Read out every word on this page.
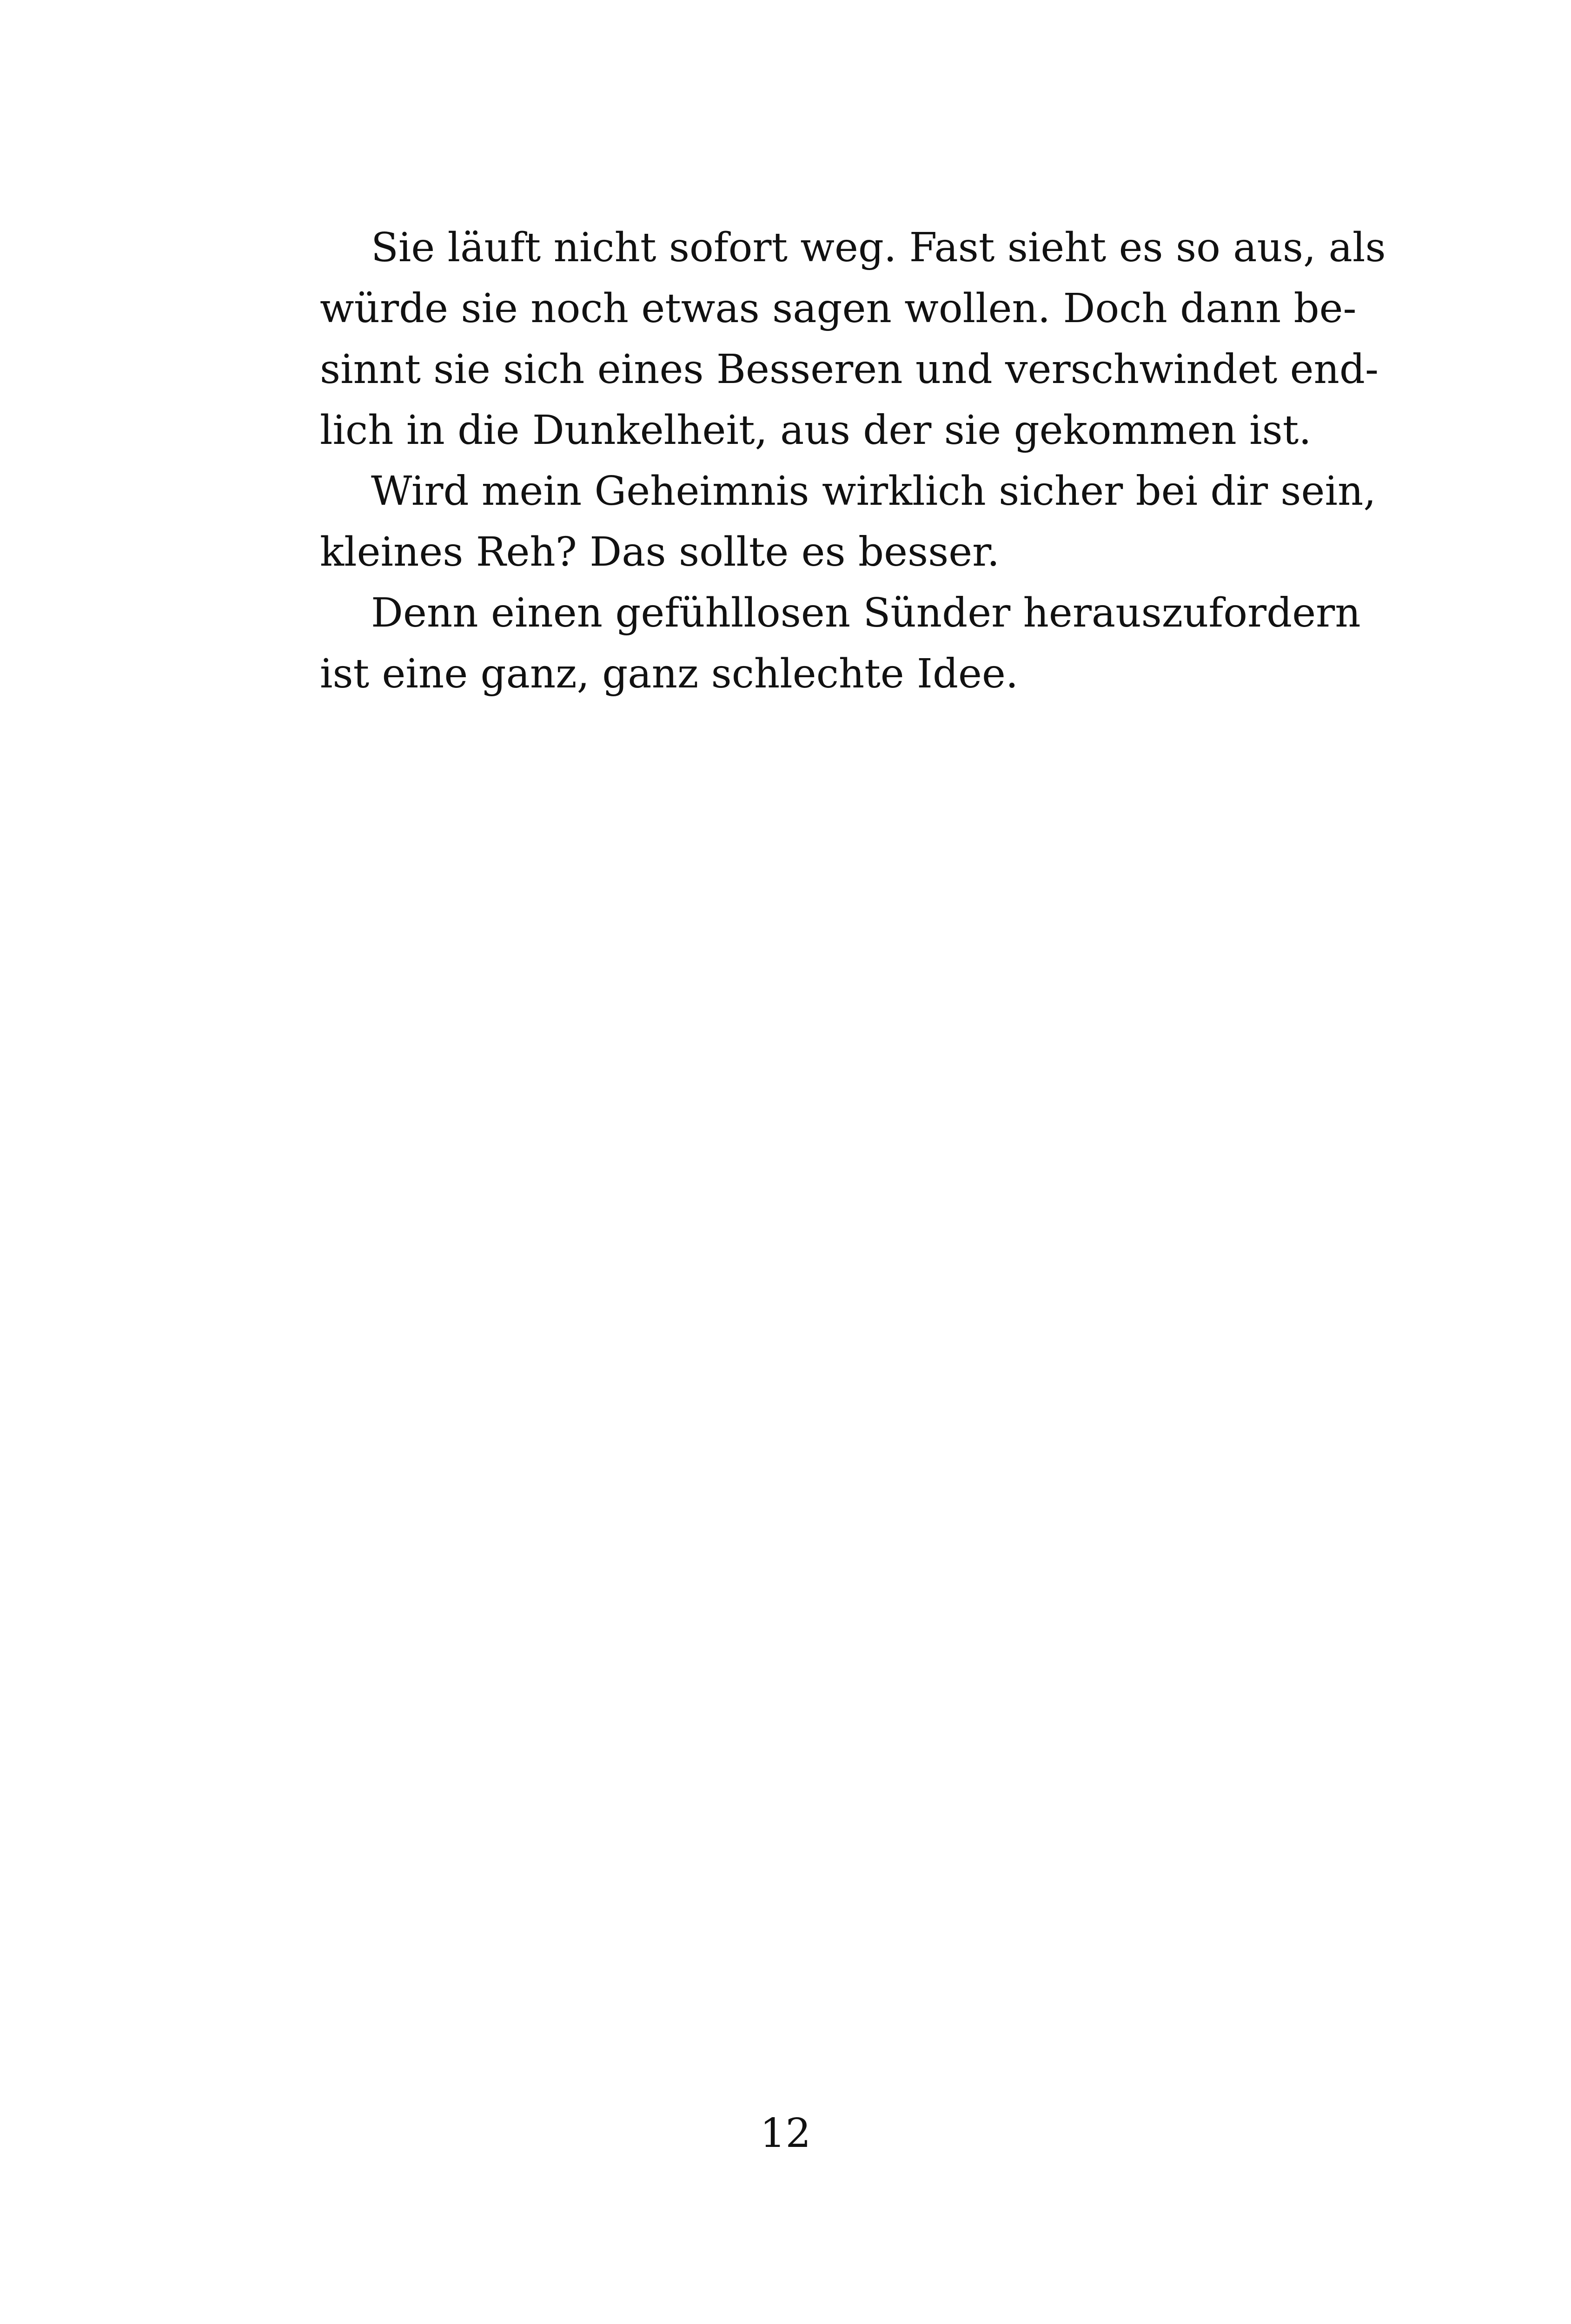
Sie läuft nicht sofort weg. Fast sieht es so aus, als
würde sie noch etwas sagen wollen. Doch dann be-
sinnt sie sich eines Besseren und verschwindet end-
lich in die Dunkelheit, aus der sie gekommen ist.
Wird mein Geheimnis wirklich sicher bei dir sein,
kleines Reh? Das sollte es besser.
Denn einen gefühllosen Sünder herauszufordern
ist eine ganz, ganz schlechte Idee.
12
